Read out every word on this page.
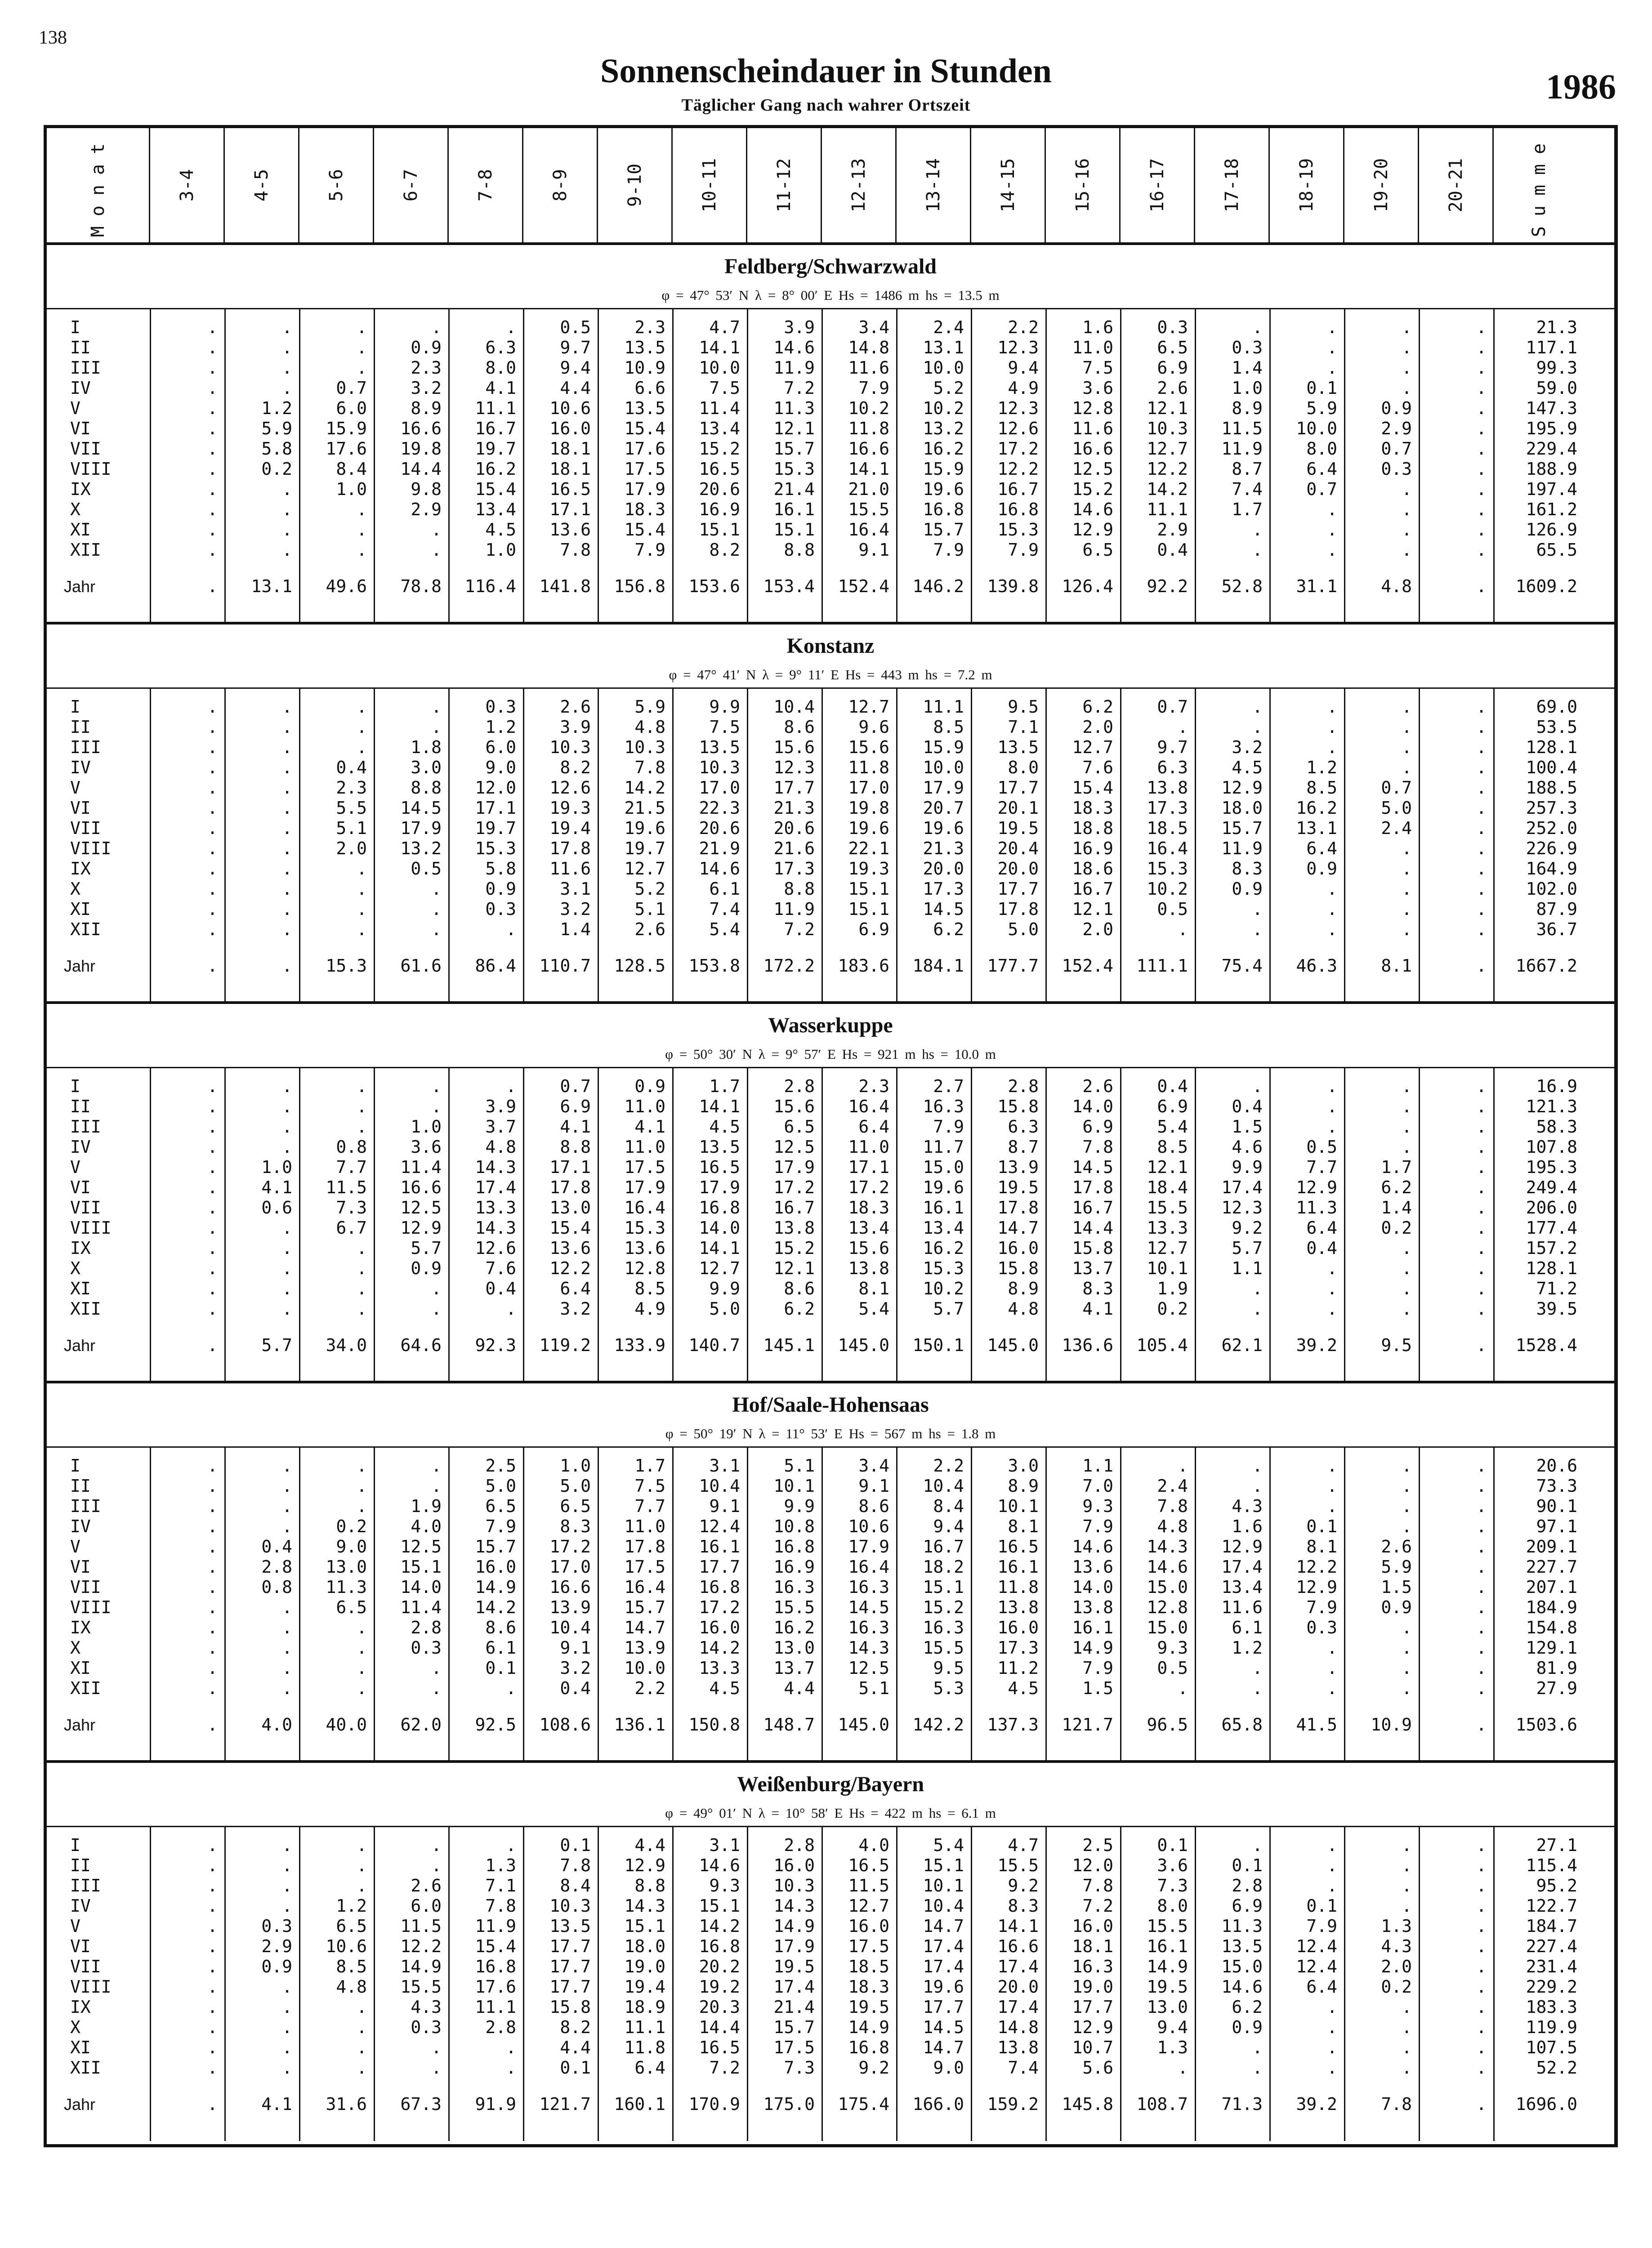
138
Sonnenscheindauer in Stunden
Täglicher Gang nach wahrer Ortszeit	1986
Monat	3-4	4-5	5-6	6-7	7-8	8-9	9-10	10-11	11-12	12-13	13-14	14-15	15-16	16-17	17-18	18-19	19-20	20-21	Summe
Feldberg/Schwarzwald
φ = 47° 53′ N λ = 8° 00′ E Hs = 1486 m hs = 13.5 m
I	.	.	.	.	.	0.5	2.3	4.7	3.9	3.4	2.4	2.2	1.6	0.3	.	.	.	.	21.3
II	.	.	.	0.9	6.3	9.7	13.5	14.1	14.6	14.8	13.1	12.3	11.0	6.5	0.3	.	.	.	117.1
III	.	.	.	2.3	8.0	9.4	10.9	10.0	11.9	11.6	10.0	9.4	7.5	6.9	1.4	.	.	.	99.3
IV	.	.	0.7	3.2	4.1	4.4	6.6	7.5	7.2	7.9	5.2	4.9	3.6	2.6	1.0	0.1	.	.	59.0
V	.	1.2	6.0	8.9	11.1	10.6	13.5	11.4	11.3	10.2	10.2	12.3	12.8	12.1	8.9	5.9	0.9	.	147.3
VI	.	5.9	15.9	16.6	16.7	16.0	15.4	13.4	12.1	11.8	13.2	12.6	11.6	10.3	11.5	10.0	2.9	.	195.9
VII	.	5.8	17.6	19.8	19.7	18.1	17.6	15.2	15.7	16.6	16.2	17.2	16.6	12.7	11.9	8.0	0.7	.	229.4
VIII	.	0.2	8.4	14.4	16.2	18.1	17.5	16.5	15.3	14.1	15.9	12.2	12.5	12.2	8.7	6.4	0.3	.	188.9
IX	.	.	1.0	9.8	15.4	16.5	17.9	20.6	21.4	21.0	19.6	16.7	15.2	14.2	7.4	0.7	.	.	197.4
X	.	.	.	2.9	13.4	17.1	18.3	16.9	16.1	15.5	16.8	16.8	14.6	11.1	1.7	.	.	.	161.2
XI	.	.	.	.	4.5	13.6	15.4	15.1	15.1	16.4	15.7	15.3	12.9	2.9	.	.	.	.	126.9
XII	.	.	.	.	1.0	7.8	7.9	8.2	8.8	9.1	7.9	7.9	6.5	0.4	.	.	.	.	65.5
Jahr	.	13.1	49.6	78.8	116.4	141.8	156.8	153.6	153.4	152.4	146.2	139.8	126.4	92.2	52.8	31.1	4.8	.	1609.2
Konstanz
φ = 47° 41′ N λ = 9° 11′ E Hs = 443 m hs = 7.2 m
I	.	.	.	.	0.3	2.6	5.9	9.9	10.4	12.7	11.1	9.5	6.2	0.7	.	.	.	.	69.0
II	.	.	.	.	1.2	3.9	4.8	7.5	8.6	9.6	8.5	7.1	2.0	.	.	.	.	.	53.5
III	.	.	.	1.8	6.0	10.3	10.3	13.5	15.6	15.6	15.9	13.5	12.7	9.7	3.2	.	.	.	128.1
IV	.	.	0.4	3.0	9.0	8.2	7.8	10.3	12.3	11.8	10.0	8.0	7.6	6.3	4.5	1.2	.	.	100.4
V	.	.	2.3	8.8	12.0	12.6	14.2	17.0	17.7	17.0	17.9	17.7	15.4	13.8	12.9	8.5	0.7	.	188.5
VI	.	.	5.5	14.5	17.1	19.3	21.5	22.3	21.3	19.8	20.7	20.1	18.3	17.3	18.0	16.2	5.0	.	257.3
VII	.	.	5.1	17.9	19.7	19.4	19.6	20.6	20.6	19.6	19.6	19.5	18.8	18.5	15.7	13.1	2.4	.	252.0
VIII	.	.	2.0	13.2	15.3	17.8	19.7	21.9	21.6	22.1	21.3	20.4	16.9	16.4	11.9	6.4	.	.	226.9
IX	.	.	.	0.5	5.8	11.6	12.7	14.6	17.3	19.3	20.0	20.0	18.6	15.3	8.3	0.9	.	.	164.9
X	.	.	.	.	0.9	3.1	5.2	6.1	8.8	15.1	17.3	17.7	16.7	10.2	0.9	.	.	.	102.0
XI	.	.	.	.	0.3	3.2	5.1	7.4	11.9	15.1	14.5	17.8	12.1	0.5	.	.	.	.	87.9
XII	.	.	.	.	.	1.4	2.6	5.4	7.2	6.9	6.2	5.0	2.0	.	.	.	.	.	36.7
Jahr	.	.	15.3	61.6	86.4	110.7	128.5	153.8	172.2	183.6	184.1	177.7	152.4	111.1	75.4	46.3	8.1	.	1667.2
Wasserkuppe
φ = 50° 30′ N λ = 9° 57′ E Hs = 921 m hs = 10.0 m
I	.	.	.	.	.	0.7	0.9	1.7	2.8	2.3	2.7	2.8	2.6	0.4	.	.	.	.	16.9
II	.	.	.	.	3.9	6.9	11.0	14.1	15.6	16.4	16.3	15.8	14.0	6.9	0.4	.	.	.	121.3
III	.	.	.	1.0	3.7	4.1	4.1	4.5	6.5	6.4	7.9	6.3	6.9	5.4	1.5	.	.	.	58.3
IV	.	.	0.8	3.6	4.8	8.8	11.0	13.5	12.5	11.0	11.7	8.7	7.8	8.5	4.6	0.5	.	.	107.8
V	.	1.0	7.7	11.4	14.3	17.1	17.5	16.5	17.9	17.1	15.0	13.9	14.5	12.1	9.9	7.7	1.7	.	195.3
VI	.	4.1	11.5	16.6	17.4	17.8	17.9	17.9	17.2	17.2	19.6	19.5	17.8	18.4	17.4	12.9	6.2	.	249.4
VII	.	0.6	7.3	12.5	13.3	13.0	16.4	16.8	16.7	18.3	16.1	17.8	16.7	15.5	12.3	11.3	1.4	.	206.0
VIII	.	.	6.7	12.9	14.3	15.4	15.3	14.0	13.8	13.4	13.4	14.7	14.4	13.3	9.2	6.4	0.2	.	177.4
IX	.	.	.	5.7	12.6	13.6	13.6	14.1	15.2	15.6	16.2	16.0	15.8	12.7	5.7	0.4	.	.	157.2
X	.	.	.	0.9	7.6	12.2	12.8	12.7	12.1	13.8	15.3	15.8	13.7	10.1	1.1	.	.	.	128.1
XI	.	.	.	.	0.4	6.4	8.5	9.9	8.6	8.1	10.2	8.9	8.3	1.9	.	.	.	.	71.2
XII	.	.	.	.	.	3.2	4.9	5.0	6.2	5.4	5.7	4.8	4.1	0.2	.	.	.	.	39.5
Jahr	.	5.7	34.0	64.6	92.3	119.2	133.9	140.7	145.1	145.0	150.1	145.0	136.6	105.4	62.1	39.2	9.5	.	1528.4
Hof/Saale-Hohensaas
φ = 50° 19′ N λ = 11° 53′ E Hs = 567 m hs = 1.8 m
I	.	.	.	.	2.5	1.0	1.7	3.1	5.1	3.4	2.2	3.0	1.1	.	.	.	.	.	20.6
II	.	.	.	.	5.0	5.0	7.5	10.4	10.1	9.1	10.4	8.9	7.0	2.4	.	.	.	.	73.3
III	.	.	.	1.9	6.5	6.5	7.7	9.1	9.9	8.6	8.4	10.1	9.3	7.8	4.3	.	.	.	90.1
IV	.	.	0.2	4.0	7.9	8.3	11.0	12.4	10.8	10.6	9.4	8.1	7.9	4.8	1.6	0.1	.	.	97.1
V	.	0.4	9.0	12.5	15.7	17.2	17.8	16.1	16.8	17.9	16.7	16.5	14.6	14.3	12.9	8.1	2.6	.	209.1
VI	.	2.8	13.0	15.1	16.0	17.0	17.5	17.7	16.9	16.4	18.2	16.1	13.6	14.6	17.4	12.2	5.9	.	227.7
VII	.	0.8	11.3	14.0	14.9	16.6	16.4	16.8	16.3	16.3	15.1	11.8	14.0	15.0	13.4	12.9	1.5	.	207.1
VIII	.	.	6.5	11.4	14.2	13.9	15.7	17.2	15.5	14.5	15.2	13.8	13.8	12.8	11.6	7.9	0.9	.	184.9
IX	.	.	.	2.8	8.6	10.4	14.7	16.0	16.2	16.3	16.3	16.0	16.1	15.0	6.1	0.3	.	.	154.8
X	.	.	.	0.3	6.1	9.1	13.9	14.2	13.0	14.3	15.5	17.3	14.9	9.3	1.2	.	.	.	129.1
XI	.	.	.	.	0.1	3.2	10.0	13.3	13.7	12.5	9.5	11.2	7.9	0.5	.	.	.	.	81.9
XII	.	.	.	.	.	0.4	2.2	4.5	4.4	5.1	5.3	4.5	1.5	.	.	.	.	.	27.9
Jahr	.	4.0	40.0	62.0	92.5	108.6	136.1	150.8	148.7	145.0	142.2	137.3	121.7	96.5	65.8	41.5	10.9	.	1503.6
Weißenburg/Bayern
φ = 49° 01′ N λ = 10° 58′ E Hs = 422 m hs = 6.1 m
I	.	.	.	.	.	0.1	4.4	3.1	2.8	4.0	5.4	4.7	2.5	0.1	.	.	.	.	27.1
II	.	.	.	.	1.3	7.8	12.9	14.6	16.0	16.5	15.1	15.5	12.0	3.6	0.1	.	.	.	115.4
III	.	.	.	2.6	7.1	8.4	8.8	9.3	10.3	11.5	10.1	9.2	7.8	7.3	2.8	.	.	.	95.2
IV	.	.	1.2	6.0	7.8	10.3	14.3	15.1	14.3	12.7	10.4	8.3	7.2	8.0	6.9	0.1	.	.	122.7
V	.	0.3	6.5	11.5	11.9	13.5	15.1	14.2	14.9	16.0	14.7	14.1	16.0	15.5	11.3	7.9	1.3	.	184.7
VI	.	2.9	10.6	12.2	15.4	17.7	18.0	16.8	17.9	17.5	17.4	16.6	18.1	16.1	13.5	12.4	4.3	.	227.4
VII	.	0.9	8.5	14.9	16.8	17.7	19.0	20.2	19.5	18.5	17.4	17.4	16.3	14.9	15.0	12.4	2.0	.	231.4
VIII	.	.	4.8	15.5	17.6	17.7	19.4	19.2	17.4	18.3	19.6	20.0	19.0	19.5	14.6	6.4	0.2	.	229.2
IX	.	.	.	4.3	11.1	15.8	18.9	20.3	21.4	19.5	17.7	17.4	17.7	13.0	6.2	.	.	.	183.3
X	.	.	.	0.3	2.8	8.2	11.1	14.4	15.7	14.9	14.5	14.8	12.9	9.4	0.9	.	.	.	119.9
XI	.	.	.	.	.	4.4	11.8	16.5	17.5	16.8	14.7	13.8	10.7	1.3	.	.	.	.	107.5
XII	.	.	.	.	.	0.1	6.4	7.2	7.3	9.2	9.0	7.4	5.6	.	.	.	.	.	52.2
Jahr	.	4.1	31.6	67.3	91.9	121.7	160.1	170.9	175.0	175.4	166.0	159.2	145.8	108.7	71.3	39.2	7.8	.	1696.0
